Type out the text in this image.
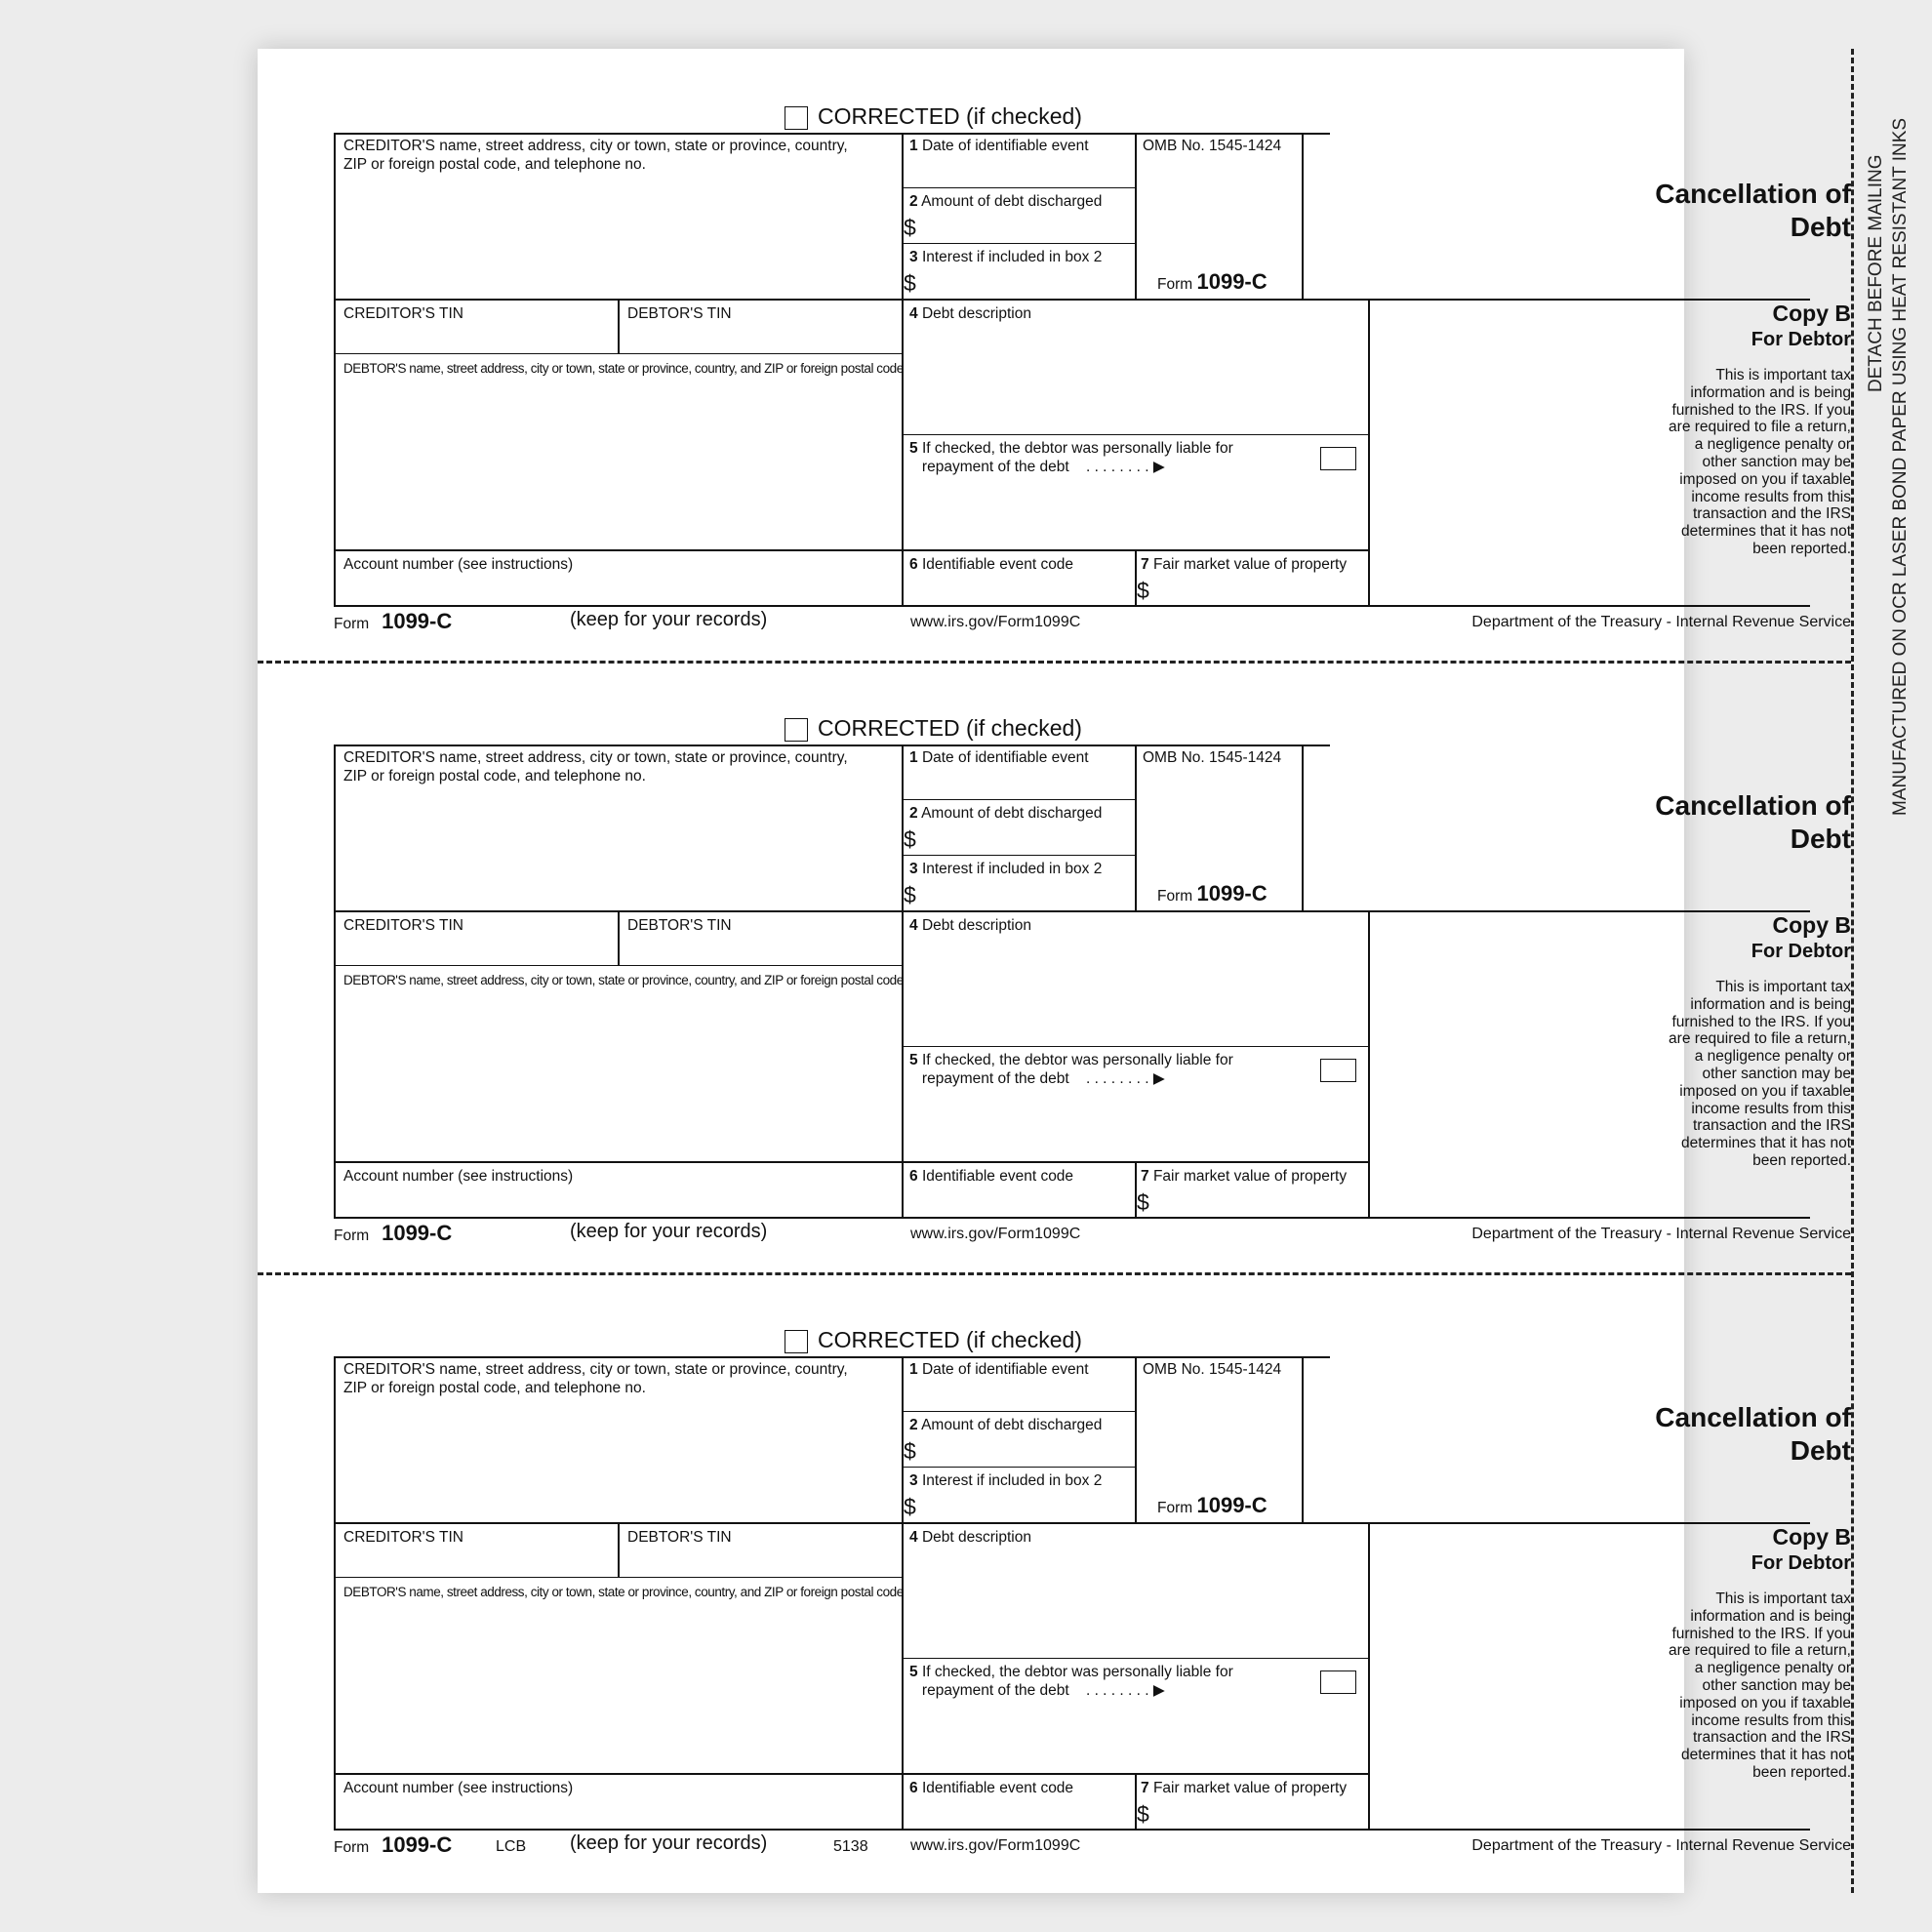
DETACH BEFORE MAILING MANUFACTURED ON OCR LASER BOND PAPER USING HEAT RESISTANT INKS
CORRECTED (if checked)
CREDITOR'S name, street address, city or town, state or province, country,
ZIP or foreign postal code, and telephone no.
1 Date of identifiable event
2 Amount of debt discharged
$
3 Interest if included in box 2
$
OMB No. 1545-1424
Form 1099-C
Cancellation of Debt
CREDITOR'S TIN	DEBTOR'S TIN
DEBTOR'S name, street address, city or town, state or province, country, and ZIP or foreign postal code
4 Debt description
5 If checked, the debtor was personally liable for
repayment of the debt . . . . . . . . ▶
Copy B
For Debtor
This is important tax information and is being furnished to the IRS. If you are required to file a return, a negligence penalty or other sanction may be imposed on you if taxable income results from this transaction and the IRS determines that it has not been reported.
Account number (see instructions)	6 Identifiable event code	7 Fair market value of property
$
Form 1099-C	(keep for your records)	www.irs.gov/Form1099C	Department of the Treasury - Internal Revenue Service
CORRECTED (if checked)
CREDITOR'S name, street address, city or town, state or province, country,
ZIP or foreign postal code, and telephone no.
1 Date of identifiable event
2 Amount of debt discharged
$
3 Interest if included in box 2
$
OMB No. 1545-1424
Form 1099-C
Cancellation of Debt
CREDITOR'S TIN	DEBTOR'S TIN
DEBTOR'S name, street address, city or town, state or province, country, and ZIP or foreign postal code
4 Debt description
5 If checked, the debtor was personally liable for
repayment of the debt . . . . . . . . ▶
Copy B
For Debtor
This is important tax information and is being furnished to the IRS. If you are required to file a return, a negligence penalty or other sanction may be imposed on you if taxable income results from this transaction and the IRS determines that it has not been reported.
Account number (see instructions)	6 Identifiable event code	7 Fair market value of property
$
Form 1099-C	(keep for your records)	www.irs.gov/Form1099C	Department of the Treasury - Internal Revenue Service
CORRECTED (if checked)
CREDITOR'S name, street address, city or town, state or province, country,
ZIP or foreign postal code, and telephone no.
1 Date of identifiable event
2 Amount of debt discharged
$
3 Interest if included in box 2
$
OMB No. 1545-1424
Form 1099-C
Cancellation of Debt
CREDITOR'S TIN	DEBTOR'S TIN
DEBTOR'S name, street address, city or town, state or province, country, and ZIP or foreign postal code
4 Debt description
5 If checked, the debtor was personally liable for
repayment of the debt . . . . . . . . ▶
Copy B
For Debtor
This is important tax information and is being furnished to the IRS. If you are required to file a return, a negligence penalty or other sanction may be imposed on you if taxable income results from this transaction and the IRS determines that it has not been reported.
Account number (see instructions)	6 Identifiable event code	7 Fair market value of property
$
Form 1099-C	LCB (keep for your records)	5138	www.irs.gov/Form1099C	Department of the Treasury - Internal Revenue Service
